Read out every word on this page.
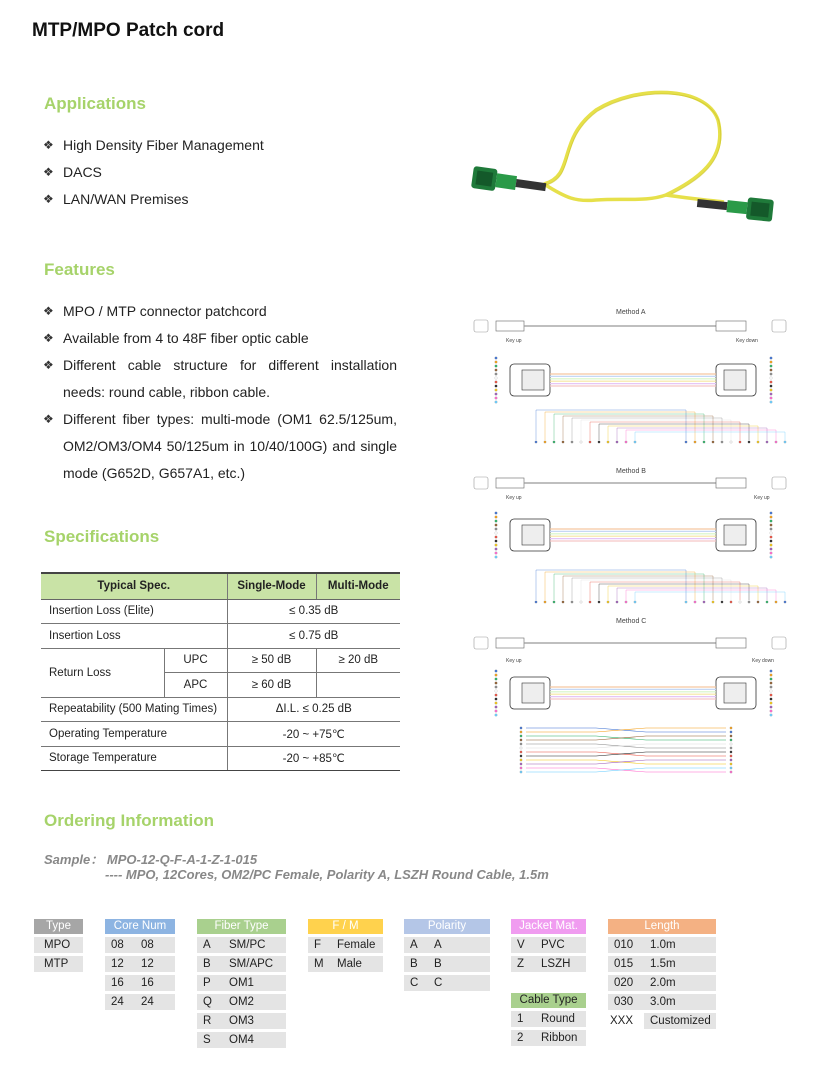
MTP/MPO Patch cord
Applications
❖ High Density Fiber Management
❖ DACS
❖ LAN/WAN Premises
Features
❖ MPO / MTP connector patchcord
❖ Available from 4 to 48F fiber optic cable
❖ Different cable structure for different installation needs: round cable, ribbon cable.
❖ Different fiber types: multi-mode (OM1 62.5/125um, OM2/OM3/OM4 50/125um in 10/40/100G) and single mode (G652D, G657A1, etc.)
Specifications
Typical Spec.		Single-Mode	Multi-Mode
Insertion Loss (Elite)		≤ 0.35 dB	
Insertion Loss		≤ 0.75 dB	
Return Loss	UPC	≥ 50 dB	≥ 20 dB
	APC	≥ 60 dB	
Repeatability (500 Mating Times)		ΔI.L. ≤ 0.25 dB	
Operating Temperature		-20 ~ +75℃	
Storage Temperature		-20 ~ +85℃	
Method A
Method B
Method C
Key up	Key down
Key up	Key up
Key up	Key down
Ordering Information
Sample： MPO-12-Q-F-A-1-Z-1-015
---- MPO, 12Cores, OM2/PC Female, Polarity A, LSZH Round Cable, 1.5m
Type
MPO
MTP
Core Num
08	08
12	12
16	16
24	24
Fiber Type
A	SM/PC
B	SM/APC
P	OM1
Q	OM2
R	OM3
S	OM4
F / M
F	Female
M	Male
Polarity
A	A
B	B
C	C
Jacket Mat.
V	PVC
Z	LSZH
Cable Type
1	Round
2	Ribbon
Length
010	1.0m
015	1.5m
020	2.0m
030	3.0m
XXX	Customized
